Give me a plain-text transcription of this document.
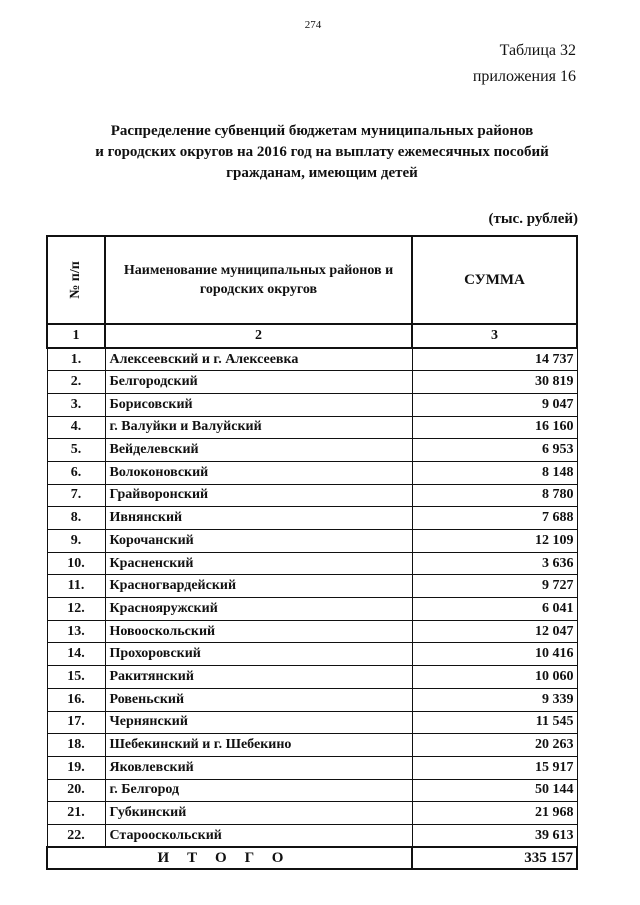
274
Таблица 32
приложения 16
Распределение субвенций бюджетам муниципальных районов
и городских округов на 2016 год на выплату ежемесячных пособий
гражданам, имеющим детей
(тыс. рублей)
№ п/п	Наименование муниципальных районов и городских округов	СУММА
1	2	3
1.	Алексеевский и г. Алексеевка	14 737
2.	Белгородский	30 819
3.	Борисовский	9 047
4.	г. Валуйки и Валуйский	16 160
5.	Вейделевский	6 953
6.	Волоконовский	8 148
7.	Грайворонский	8 780
8.	Ивнянский	7 688
9.	Корочанский	12 109
10.	Красненский	3 636
11.	Красногвардейский	9 727
12.	Краснояружский	6 041
13.	Новооскольский	12 047
14.	Прохоровский	10 416
15.	Ракитянский	10 060
16.	Ровеньский	9 339
17.	Чернянский	11 545
18.	Шебекинский и г. Шебекино	20 263
19.	Яковлевский	15 917
20.	г. Белгород	50 144
21.	Губкинский	21 968
22.	Старооскольский	39 613
ИТОГО		335 157
